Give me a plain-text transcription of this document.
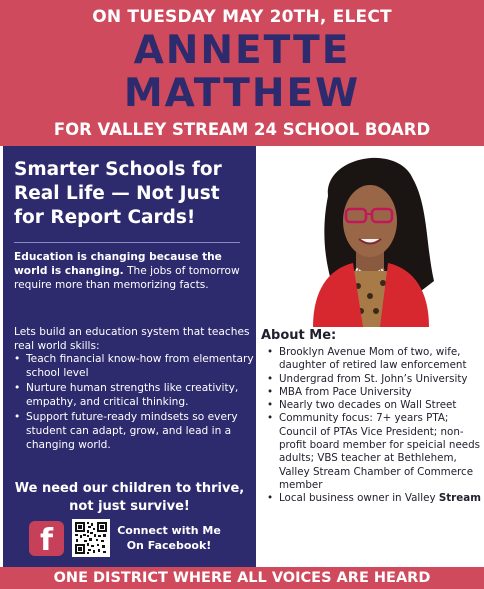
ON TUESDAY MAY 20TH, ELECT
ANNETTE
MATTHEW
FOR VALLEY STREAM 24 SCHOOL BOARD
Smarter Schools for Real Life — Not Just for Report Cards!
Education is changing because the world is changing. The jobs of tomorrow require more than memorizing facts.
Lets build an education system that teaches real world skills:
• Teach financial know-how from elementary school level
• Nurture human strengths like creativity, empathy, and critical thinking.
• Support future-ready mindsets so every student can adapt, grow, and lead in a changing world.
We need our children to thrive, not just survive!
f	Connect with Me On Facebook!
About Me:
• Brooklyn Avenue Mom of two, wife, daughter of retired law enforcement
• Undergrad from St. John’s University
• MBA from Pace University
• Nearly two decades on Wall Street
• Community focus: 7+ years PTA; Council of PTAs Vice President; non-profit board member for speicial needs adults; VBS teacher at Bethlehem, Valley Stream Chamber of Commerce member
• Local business owner in Valley Stream
ONE DISTRICT WHERE ALL VOICES ARE HEARD
